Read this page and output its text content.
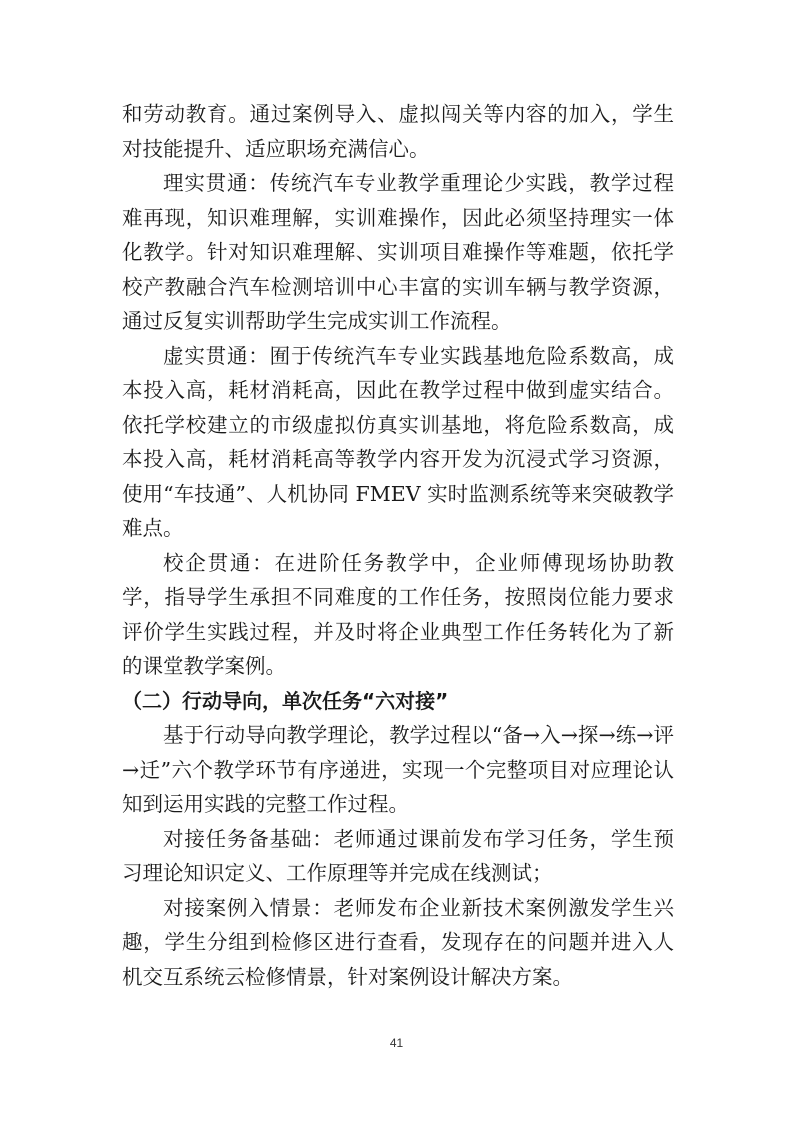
和劳动教育。通过案例导入、虚拟闯关等内容的加入，学生对技能提升、适应职场充满信心。

理实贯通：传统汽车专业教学重理论少实践，教学过程难再现，知识难理解，实训难操作，因此必须坚持理实一体化教学。针对知识难理解、实训项目难操作等难题，依托学校产教融合汽车检测培训中心丰富的实训车辆与教学资源，通过反复实训帮助学生完成实训工作流程。

虚实贯通：囿于传统汽车专业实践基地危险系数高，成本投入高，耗材消耗高，因此在教学过程中做到虚实结合。依托学校建立的市级虚拟仿真实训基地，将危险系数高，成本投入高，耗材消耗高等教学内容开发为沉浸式学习资源，使用“车技通”、人机协同 FMEV 实时监测系统等来突破教学难点。

校企贯通：在进阶任务教学中，企业师傅现场协助教学，指导学生承担不同难度的工作任务，按照岗位能力要求评价学生实践过程，并及时将企业典型工作任务转化为了新的课堂教学案例。

（二）行动导向，单次任务“六对接”

基于行动导向教学理论，教学过程以“备→入→探→练→评→迁”六个教学环节有序递进，实现一个完整项目对应理论认知到运用实践的完整工作过程。

对接任务备基础：老师通过课前发布学习任务，学生预习理论知识定义、工作原理等并完成在线测试；

对接案例入情景：老师发布企业新技术案例激发学生兴趣，学生分组到检修区进行查看，发现存在的问题并进入人机交互系统云检修情景，针对案例设计解决方案。

41
